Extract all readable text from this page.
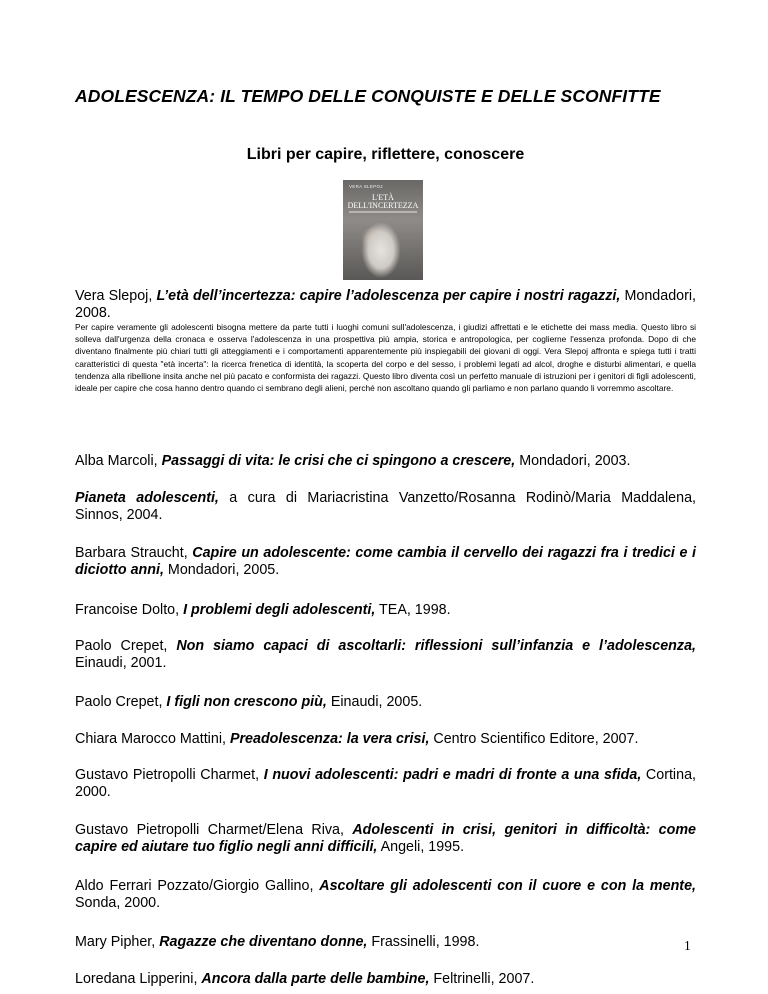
ADOLESCENZA: IL TEMPO DELLE CONQUISTE E DELLE SCONFITTE
Libri per capire, riflettere, conoscere
VERA SLEPOJ
L'ETÀ
DELL'INCERTEZZA
Vera Slepoj, L’età dell’incertezza: capire l’adolescenza per capire i nostri ragazzi, Mondadori, 2008.
Per capire veramente gli adolescenti bisogna mettere da parte tutti i luoghi comuni sull'adolescenza, i giudizi affrettati e le etichette dei mass media. Questo libro si solleva dall'urgenza della cronaca e osserva l'adolescenza in una prospettiva più ampia, storica e antropologica, per coglierne l'essenza profonda. Dopo di che diventano finalmente più chiari tutti gli atteggiamenti e i comportamenti apparentemente più inspiegabili dei giovani di oggi. Vera Slepoj affronta e spiega tutti i tratti caratteristici di questa "età incerta": la ricerca frenetica di identità, la scoperta del corpo e del sesso, i problemi legati ad alcol, droghe e disturbi alimentari, e quella tendenza alla ribellione insita anche nel più pacato e conformista dei ragazzi. Questo libro diventa così un perfetto manuale di istruzioni per i genitori di figli adolescenti, ideale per capire che cosa hanno dentro quando ci sembrano degli alieni, perché non ascoltano quando gli parliamo e non parlano quando li vorremmo ascoltare.
Alba Marcoli, Passaggi di vita: le crisi che ci spingono a crescere, Mondadori, 2003.
Pianeta adolescenti, a cura di Mariacristina Vanzetto/Rosanna Rodinò/Maria Maddalena, Sinnos, 2004.
Barbara Straucht, Capire un adolescente: come cambia il cervello dei ragazzi fra i tredici e i diciotto anni, Mondadori, 2005.
Francoise Dolto, I problemi degli adolescenti, TEA, 1998.
Paolo Crepet, Non siamo capaci di ascoltarli: riflessioni sull’infanzia e l’adolescenza, Einaudi, 2001.
Paolo Crepet, I figli non crescono più, Einaudi, 2005.
Chiara Marocco Mattini, Preadolescenza: la vera crisi, Centro Scientifico Editore, 2007.
Gustavo Pietropolli Charmet, I nuovi adolescenti: padri e madri di fronte a una sfida, Cortina, 2000.
Gustavo Pietropolli Charmet/Elena Riva, Adolescenti in crisi, genitori in difficoltà: come capire ed aiutare tuo figlio negli anni difficili, Angeli, 1995.
Aldo Ferrari Pozzato/Giorgio Gallino, Ascoltare gli adolescenti con il cuore e con la mente, Sonda, 2000.
Mary Pipher, Ragazze che diventano donne, Frassinelli, 1998.
Loredana Lipperini, Ancora dalla parte delle bambine, Feltrinelli, 2007.
1
